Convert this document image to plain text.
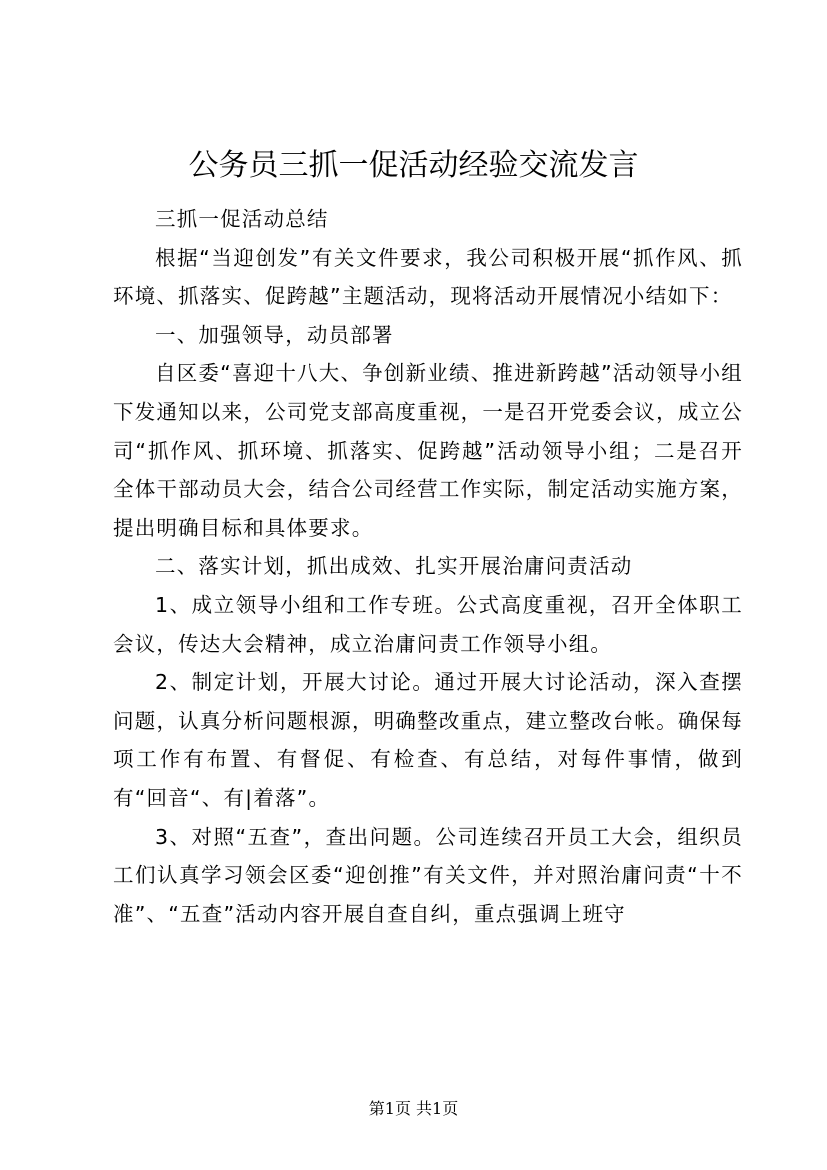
公务员三抓一促活动经验交流发言

三抓一促活动总结

根据“当迎创发”有关文件要求，我公司积极开展“抓作风、抓环境、抓落实、促跨越”主题活动，现将活动开展情况小结如下：

一、加强领导，动员部署

自区委“喜迎十八大、争创新业绩、推进新跨越”活动领导小组下发通知以来，公司党支部高度重视，一是召开党委会议，成立公司“抓作风、抓环境、抓落实、促跨越”活动领导小组；二是召开全体干部动员大会，结合公司经营工作实际，制定活动实施方案，提出明确目标和具体要求。

二、落实计划，抓出成效、扎实开展治庸问责活动

1、成立领导小组和工作专班。公式高度重视，召开全体职工会议，传达大会精神，成立治庸问责工作领导小组。

2、制定计划，开展大讨论。通过开展大讨论活动，深入查摆问题，认真分析问题根源，明确整改重点，建立整改台帐。确保每项工作有布置、有督促、有检查、有总结，对每件事情，做到有“回音“、有|着落”。

3、对照“五查”，查出问题。公司连续召开员工大会，组织员工们认真学习领会区委“迎创推”有关文件，并对照治庸问责“十不准”、“五查”活动内容开展自查自纠，重点强调上班守

第1页 共1页
